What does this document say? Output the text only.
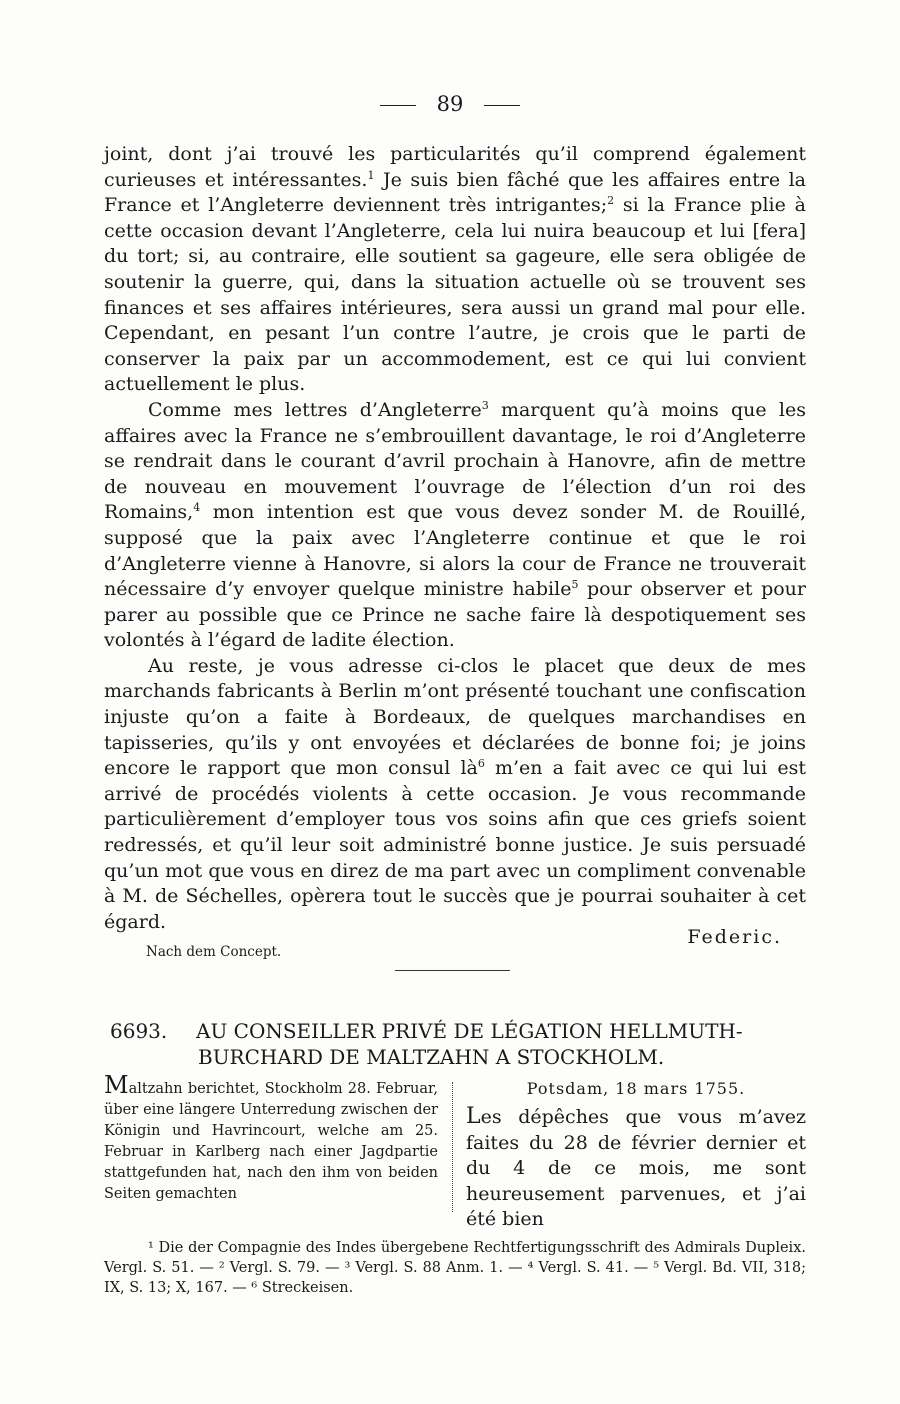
89

joint, dont j’ai trouvé les particularités qu’il comprend également curieuses et intéressantes.$^1$ Je suis bien fâché que les affaires entre la France et l’Angleterre deviennent très intrigantes;$^2$ si la France plie à cette occasion devant l’Angleterre, cela lui nuira beaucoup et lui [fera] du tort; si, au contraire, elle soutient sa gageure, elle sera obligée de soutenir la guerre, qui, dans la situation actuelle où se trouvent ses finances et ses affaires intérieures, sera aussi un grand mal pour elle. Cependant, en pesant l’un contre l’autre, je crois que le parti de conserver la paix par un accommodement, est ce qui lui convient actuellement le plus.

Comme mes lettres d’Angleterre$^3$ marquent qu’à moins que les affaires avec la France ne s’embrouillent davantage, le roi d’Angleterre se rendrait dans le courant d’avril prochain à Hanovre, afin de mettre de nouveau en mouvement l’ouvrage de l’élection d’un roi des Romains,$^4$ mon intention est que vous devez sonder M. de Rouillé, supposé que la paix avec l’Angleterre continue et que le roi d’Angleterre vienne à Hanovre, si alors la cour de France ne trouverait nécessaire d’y envoyer quelque ministre habile$^5$ pour observer et pour parer au possible que ce Prince ne sache faire là despotiquement ses volontés à l’égard de ladite élection.

Au reste, je vous adresse ci-clos le placet que deux de mes marchands fabricants à Berlin m’ont présenté touchant une confiscation injuste qu’on a faite à Bordeaux, de quelques marchandises en tapisseries, qu’ils y ont envoyées et déclarées de bonne foi; je joins encore le rapport que mon consul $là^6$ m’en a fait avec ce qui lui est arrivé de procédés violents à cette occasion. Je vous recommande particulièrement d’employer tous vos soins afin que ces griefs soient redressés, et qu’il leur soit administré bonne justice. Je suis persuadé qu’un mot que vous en direz de ma part avec un compliment convenable à M. de Séchelles, opèrera tout le succès que je pourrai souhaiter à cet égard.

Nach dem Concept.
Federic.
6693. AU CONSEILLER PRIVÉ DE LÉGATION HELLMUTH-
BURCHARD DE MALTZAHN A STOCKHOLM.
Maltzahn berichtet, Stockholm 28. Februar, über eine längere Unterredung zwischen der Königin und Havrincourt, welche am 25. Februar in Karlberg nach einer Jagdpartie stattgefunden hat, nach den ihm von beiden Seiten gemachten
Potsdam, 18 mars 1755.
Les dépêches que vous m’avez faites du 28 de février dernier et du 4 de ce mois, me sont heureusement parvenues, et j’ai été bien

¹ Die der Compagnie des Indes übergebene Rechtfertigungsschrift des Admirals Dupleix. Vergl. S. 51. — ² Vergl. S. 79. — ³ Vergl. S. 88 Anm. 1. — ⁴ Vergl. S. 41. — ⁵ Vergl. Bd. VII, 318; IX, S. 13; X, 167. — ⁶ Streckeisen.
